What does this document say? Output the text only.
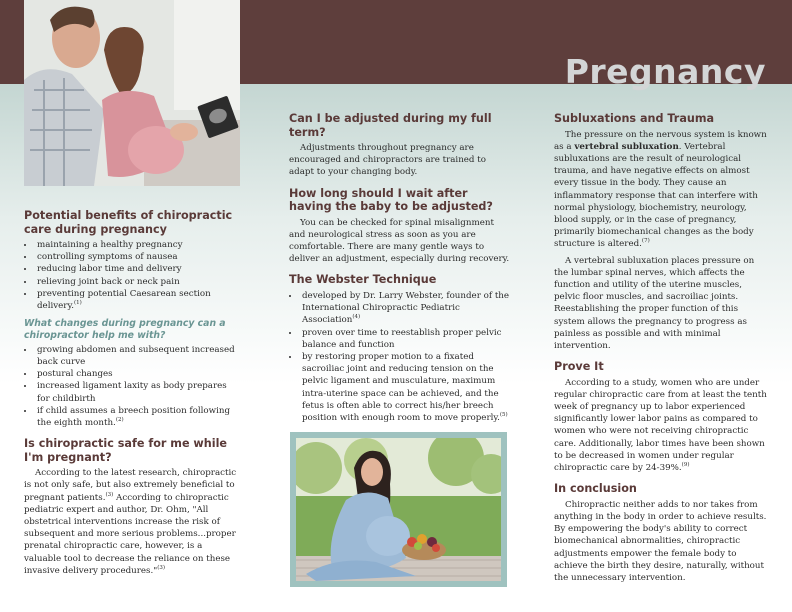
Pregnancy
Potential benefits of chiropractic care during pregnancy
• maintaining a healthy pregnancy
• controlling symptoms of nausea
• reducing labor time and delivery
• relieving joint back or neck pain
• preventing potential Caesarean section delivery.$^{(1)}$
What changes during pregnancy can a chiropractor help me with?
• growing abdomen and subsequent increased back curve
• postural changes
• increased ligament laxity as body prepares for childbirth
• if child assumes a breech position following the eighth month.$^{(2)}$
Is chiropractic safe for me while I'm pregnant?

According to the latest research, chiropractic is not only safe, but also extremely beneficial to pregnant patients.$^{(3)}$ According to chiropractic pediatric expert and author, Dr. Ohm, "All obstetrical interventions increase the risk of subsequent and more serious problems...proper prenatal chiropractic care, however, is a valuable tool to decrease the reliance on these invasive delivery procedures."$^{(3)}$

Can I be adjusted during my full term?

Adjustments throughout pregnancy are encouraged and chiropractors are trained to adapt to your changing body.

How long should I wait after having the baby to be adjusted?

You can be checked for spinal misalignment and neurological stress as soon as you are comfortable. There are many gentle ways to deliver an adjustment, especially during recovery.

The Webster Technique
• developed by Dr. Larry Webster, founder of the International Chiropractic Pediatric Association$^{(4)}$
• proven over time to reestablish proper pelvic balance and function
• by restoring proper motion to a fixated sacroiliac joint and reducing tension on the pelvic ligament and musculature, maximum intra-uterine space can be achieved, and the fetus is often able to correct his/her breech position with enough room to move properly.$^{(5)}$
Subluxations and Trauma

The pressure on the nervous system is known as a vertebral subluxation. Vertebral subluxations are the result of neurological trauma, and have negative effects on almost every tissue in the body. They cause an inflammatory response that can interfere with normal physiology, biochemistry, neurology, blood supply, or in the case of pregnancy, primarily biomechanical changes as the body structure is altered.$^{(7)}$

A vertebral subluxation places pressure on the lumbar spinal nerves, which affects the function and utility of the uterine muscles, pelvic floor muscles, and sacroiliac joints. Reestablishing the proper function of this system allows the pregnancy to progress as painless as possible and with minimal intervention.

Prove It

According to a study, women who are under regular chiropractic care from at least the tenth week of pregnancy up to labor experienced significantly lower labor pains as compared to women who were not receiving chiropractic care. Additionally, labor times have been shown to be decreased in women under regular chiropractic care by 24-39%.$^{(9)}$

In conclusion

Chiropractic neither adds to nor takes from anything in the body in order to achieve results. By empowering the body's ability to correct biomechanical abnormalities, chiropractic adjustments empower the female body to achieve the birth they desire, naturally, without the unnecessary intervention.
